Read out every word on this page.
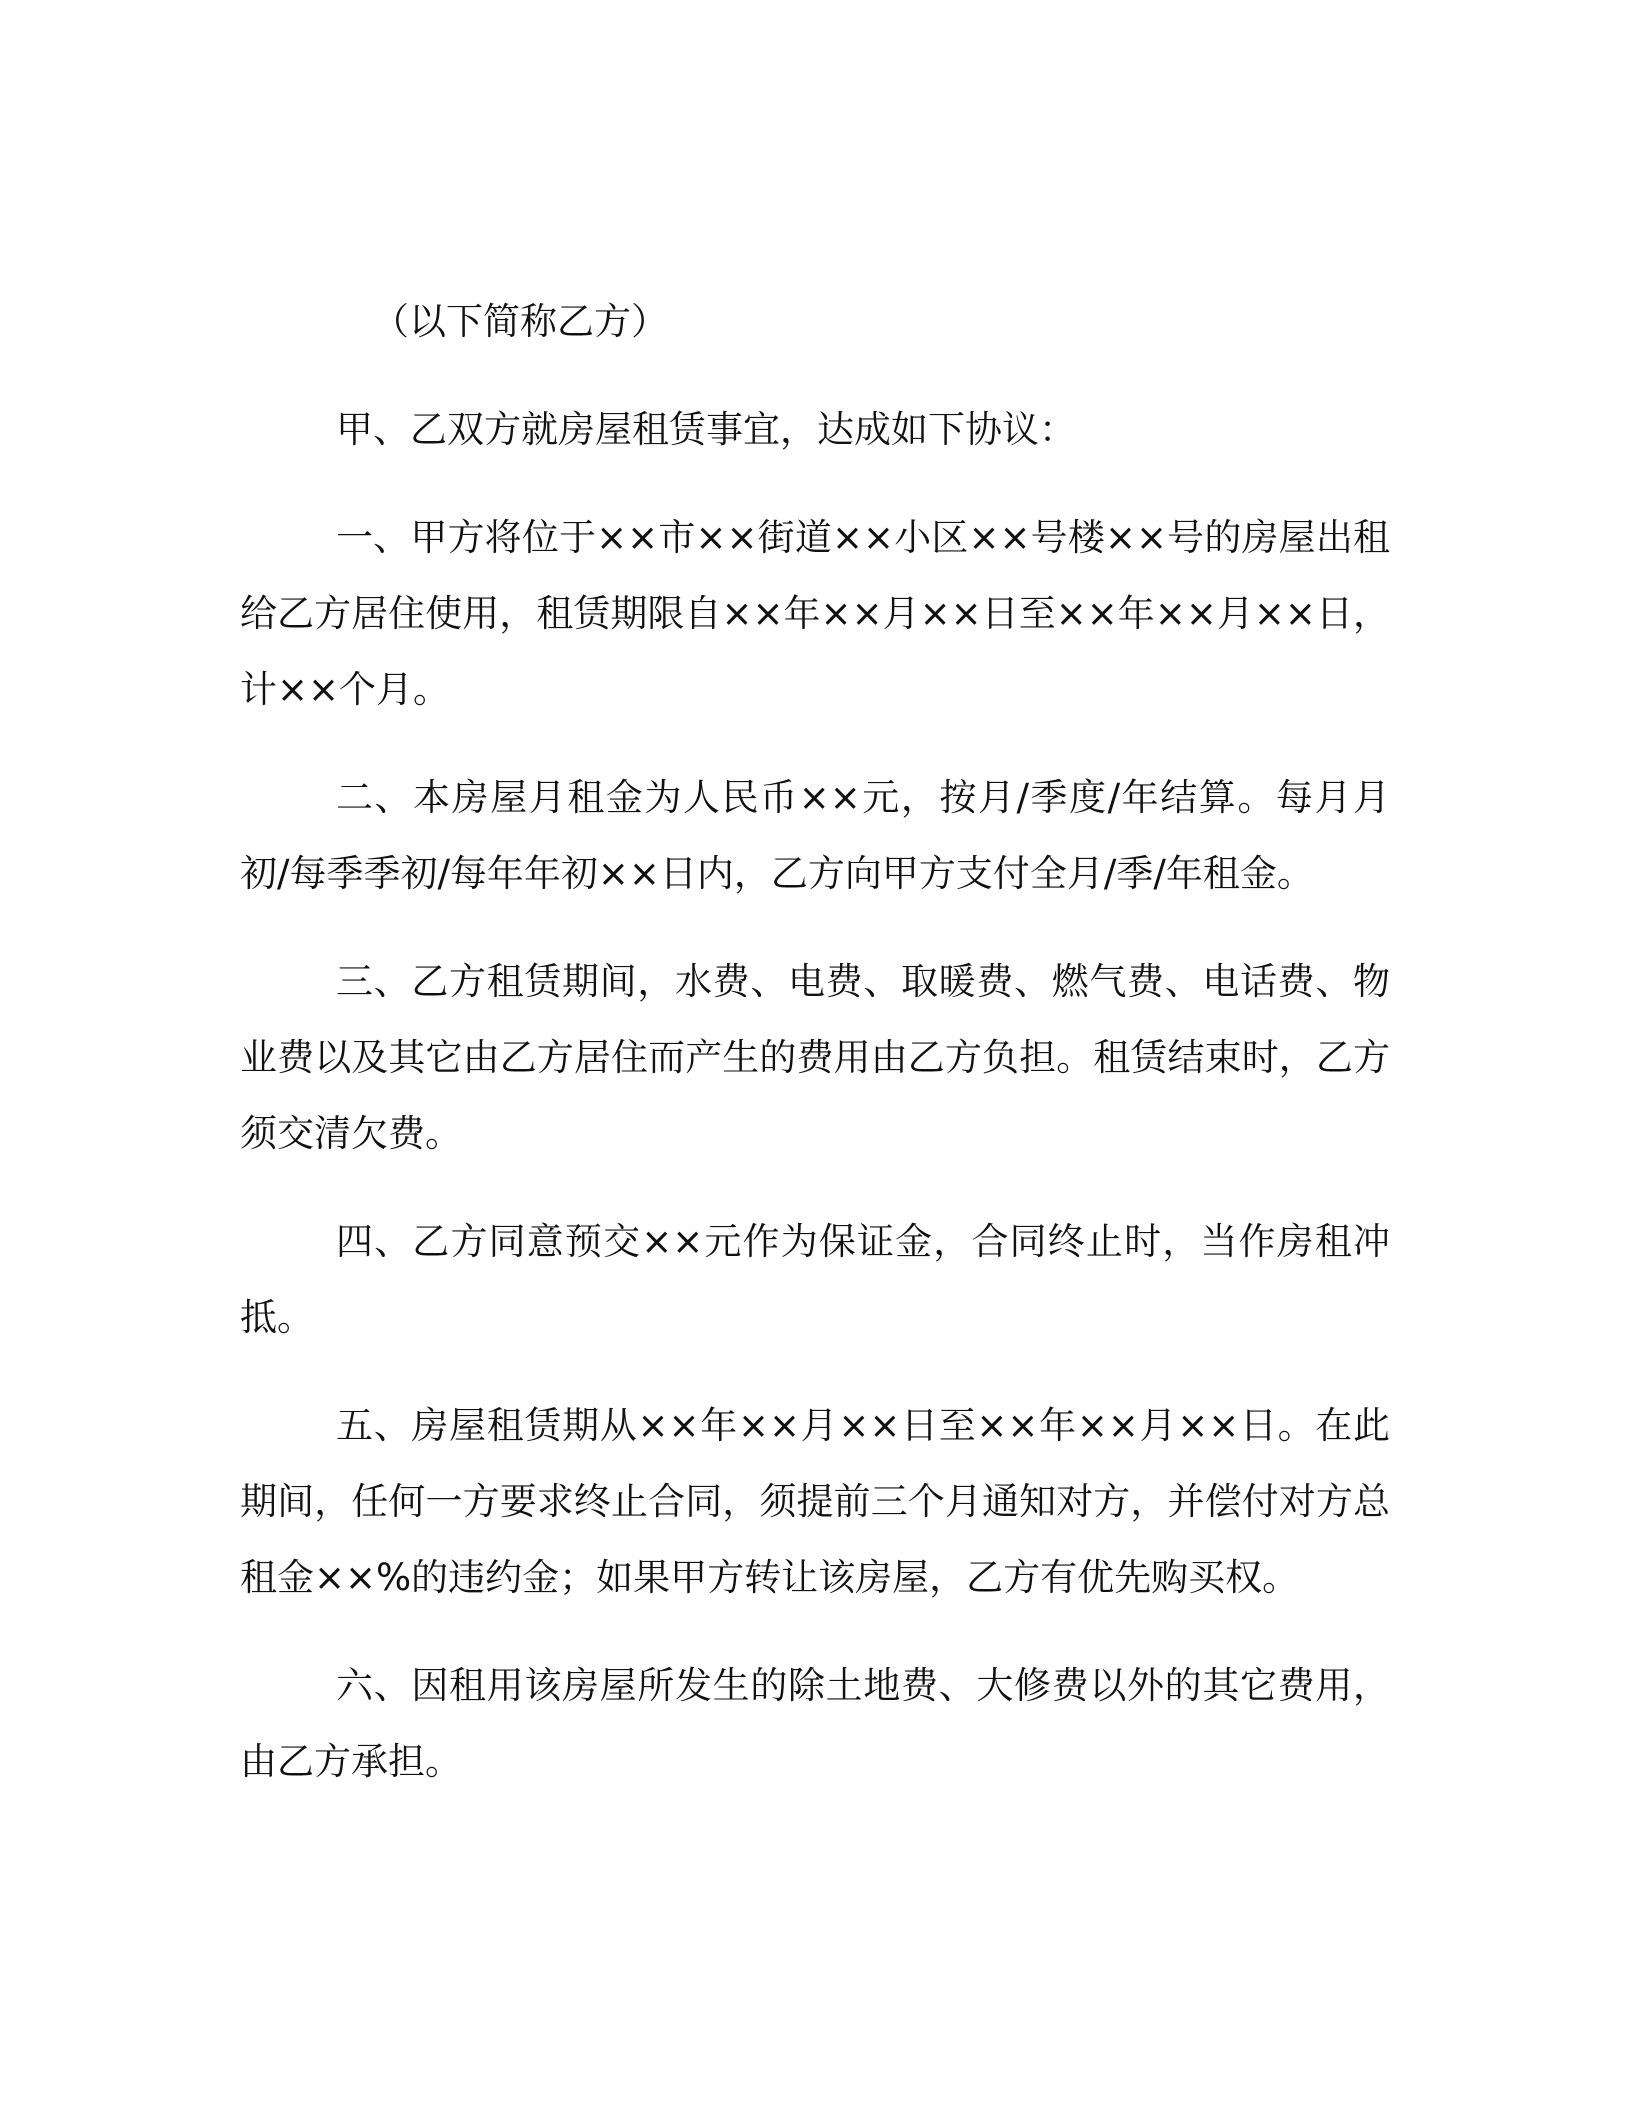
（以下简称乙方）

甲、乙双方就房屋租赁事宜，达成如下协议：

一、甲方将位于××市××街道××小区××号楼××号的房屋出租给乙方居住使用，租赁期限自××年××月××日至××年××月××日，计××个月。

二、本房屋月租金为人民币××元，按月/季度/年结算。每月月初/每季季初/每年年初××日内，乙方向甲方支付全月/季/年租金。

三、乙方租赁期间，水费、电费、取暖费、燃气费、电话费、物业费以及其它由乙方居住而产生的费用由乙方负担。租赁结束时，乙方须交清欠费。

四、乙方同意预交××元作为保证金，合同终止时，当作房租冲抵。

五、房屋租赁期从××年××月××日至××年××月××日。在此期间，任何一方要求终止合同，须提前三个月通知对方，并偿付对方总租金××%的违约金；如果甲方转让该房屋，乙方有优先购买权。

六、因租用该房屋所发生的除土地费、大修费以外的其它费用，由乙方承担。
